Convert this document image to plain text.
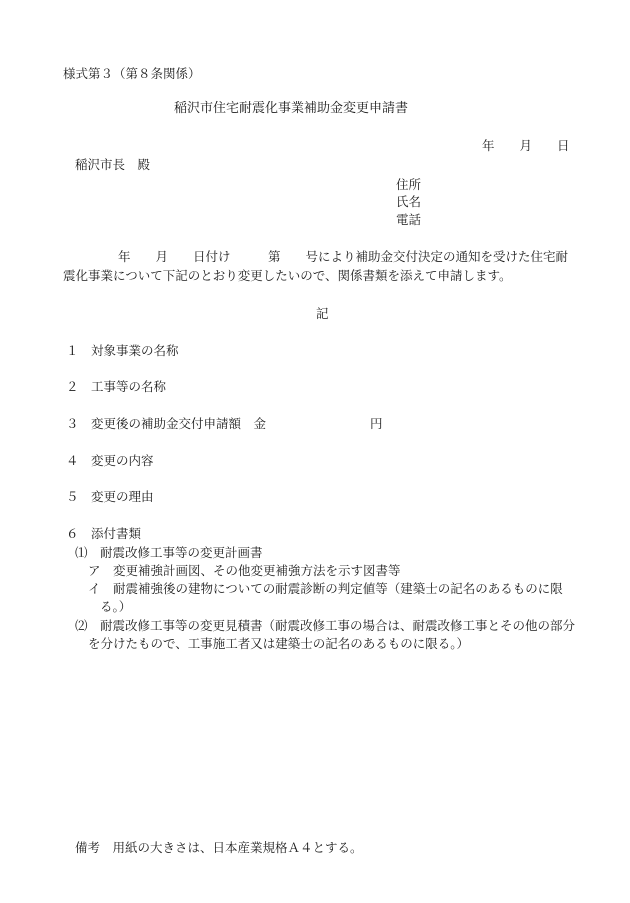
様式第３（第８条関係）
稲沢市住宅耐震化事業補助金変更申請書
年　　月　　日
稲沢市長　殿
住所
氏名
電話
年　　月　　日付け　　　第　　号により補助金交付決定の通知を受けた住宅耐
震化事業について下記のとおり変更したいので、関係書類を添えて申請します。
記
１　対象事業の名称
２　工事等の名称
３　変更後の補助金交付申請額　金	円
４　変更の内容
５　変更の理由
６　添付書類
⑴　耐震改修工事等の変更計画書
ア　変更補強計画図、その他変更補強方法を示す図書等
イ　耐震補強後の建物についての耐震診断の判定値等（建築士の記名のあるものに限
る。）
⑵　耐震改修工事等の変更見積書（耐震改修工事の場合は、耐震改修工事とその他の部分
を分けたもので、工事施工者又は建築士の記名のあるものに限る。）
備考　用紙の大きさは、日本産業規格Ａ４とする。
